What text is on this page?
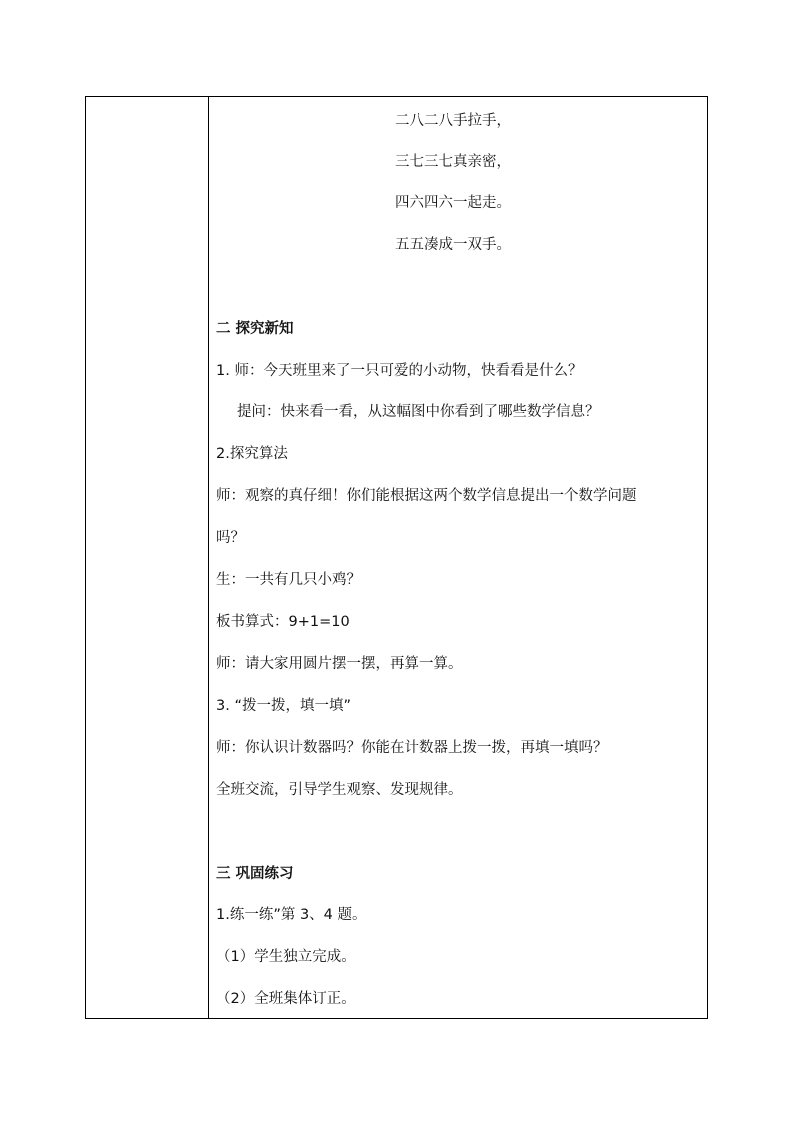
二八二八手拉手，
三七三七真亲密，
四六四六一起走。
五五凑成一双手。
二 探究新知
1. 师：今天班里来了一只可爱的小动物，快看看是什么？
提问：快来看一看，从这幅图中你看到了哪些数学信息？
2.探究算法
师：观察的真仔细！你们能根据这两个数学信息提出一个数学问题
吗？
生：一共有几只小鸡？
板书算式：9+1=10
师：请大家用圆片摆一摆，再算一算。
3. “拨一拨，填一填”
师：你认识计数器吗？你能在计数器上拨一拨，再填一填吗？
全班交流，引导学生观察、发现规律。
三 巩固练习
1.练一练”第 3、4 题。
（1）学生独立完成。
（2）全班集体订正。
